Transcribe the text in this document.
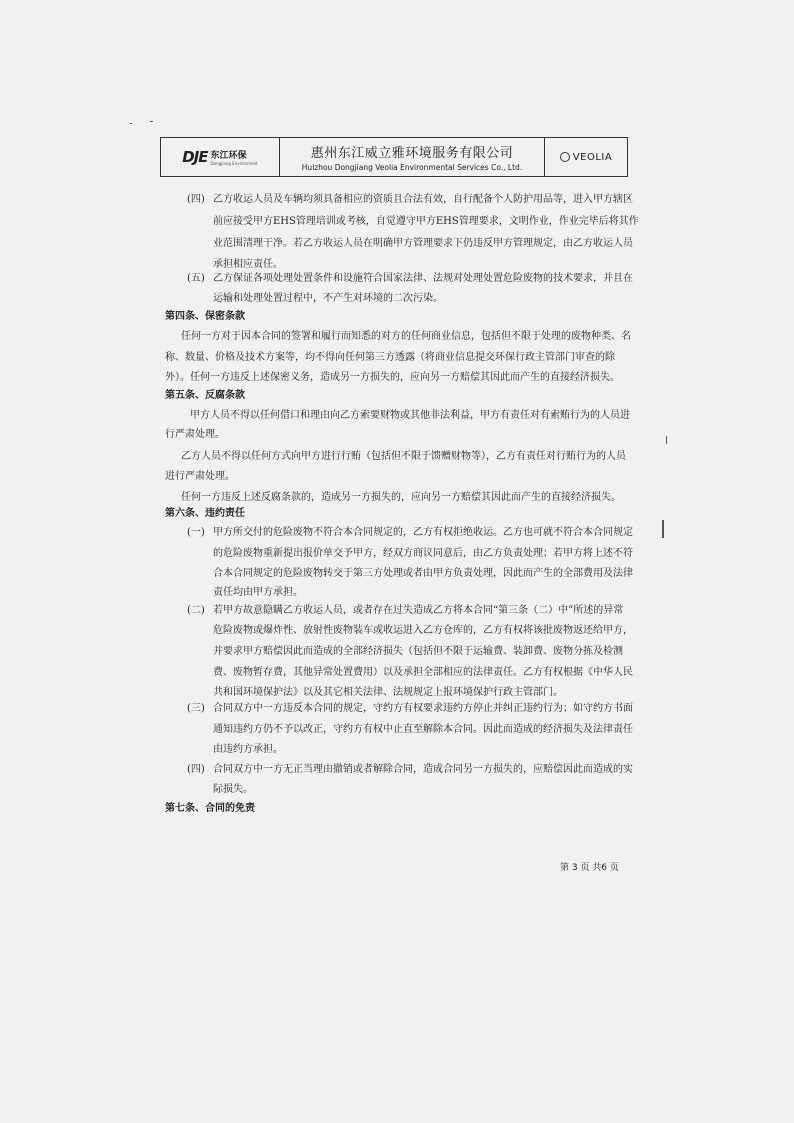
DJE 东江环保
Dongjiang Environment
惠州东江威立雅环境服务有限公司
Huizhou Dongjiang Veolia Environmental Services Co., Ltd.
VEOLIA
(四) 乙方收运人员及车辆均须具备相应的资质且合法有效，自行配备个人防护用品等，进入甲方辖区
前应接受甲方EHS管理培训或考核，自觉遵守甲方EHS管理要求，文明作业，作业完毕后将其作
业范围清理干净。若乙方收运人员在明确甲方管理要求下仍违反甲方管理规定，由乙方收运人员
承担相应责任。
(五) 乙方保证各项处理处置条件和设施符合国家法律、法规对处理处置危险废物的技术要求，并且在
运输和处理处置过程中，不产生对环境的二次污染。
第四条、保密条款
任何一方对于因本合同的签署和履行而知悉的对方的任何商业信息，包括但不限于处理的废物种类、名
称、数量、价格及技术方案等，均不得向任何第三方透露（将商业信息提交环保行政主管部门审查的除
外）。任何一方违反上述保密义务，造成另一方损失的，应向另一方赔偿其因此而产生的直接经济损失。
第五条、反腐条款
甲方人员不得以任何借口和理由向乙方索要财物或其他非法利益，甲方有责任对有索贿行为的人员进
行严肃处理。
乙方人员不得以任何方式向甲方进行行贿（包括但不限于馈赠财物等），乙方有责任对行贿行为的人员
进行严肃处理。
任何一方违反上述反腐条款的，造成另一方损失的，应向另一方赔偿其因此而产生的直接经济损失。
第六条、违约责任
(一) 甲方所交付的危险废物不符合本合同规定的，乙方有权拒绝收运。乙方也可就不符合本合同规定
的危险废物重新提出报价单交予甲方，经双方商议同意后，由乙方负责处理；若甲方将上述不符
合本合同规定的危险废物转交于第三方处理或者由甲方负责处理，因此而产生的全部费用及法律
责任均由甲方承担。
(二) 若甲方故意隐瞒乙方收运人员，或者存在过失造成乙方将本合同“第三条（二）中”所述的异常
危险废物或爆炸性、放射性废物装车或收运进入乙方仓库的，乙方有权将该批废物返还给甲方，
并要求甲方赔偿因此而造成的全部经济损失（包括但不限于运输费、装卸费、废物分拣及检测
费、废物暂存费，其他异常处置费用）以及承担全部相应的法律责任。乙方有权根据《中华人民
共和国环境保护法》以及其它相关法律、法规规定上报环境保护行政主管部门。
(三) 合同双方中一方违反本合同的规定，守约方有权要求违约方停止并纠正违约行为；如守约方书面
通知违约方仍不予以改正，守约方有权中止直至解除本合同。因此而造成的经济损失及法律责任
由违约方承担。
(四) 合同双方中一方无正当理由撤销或者解除合同，造成合同另一方损失的，应赔偿因此而造成的实
际损失。
第七条、合同的免责
第 3 页 共6 页
